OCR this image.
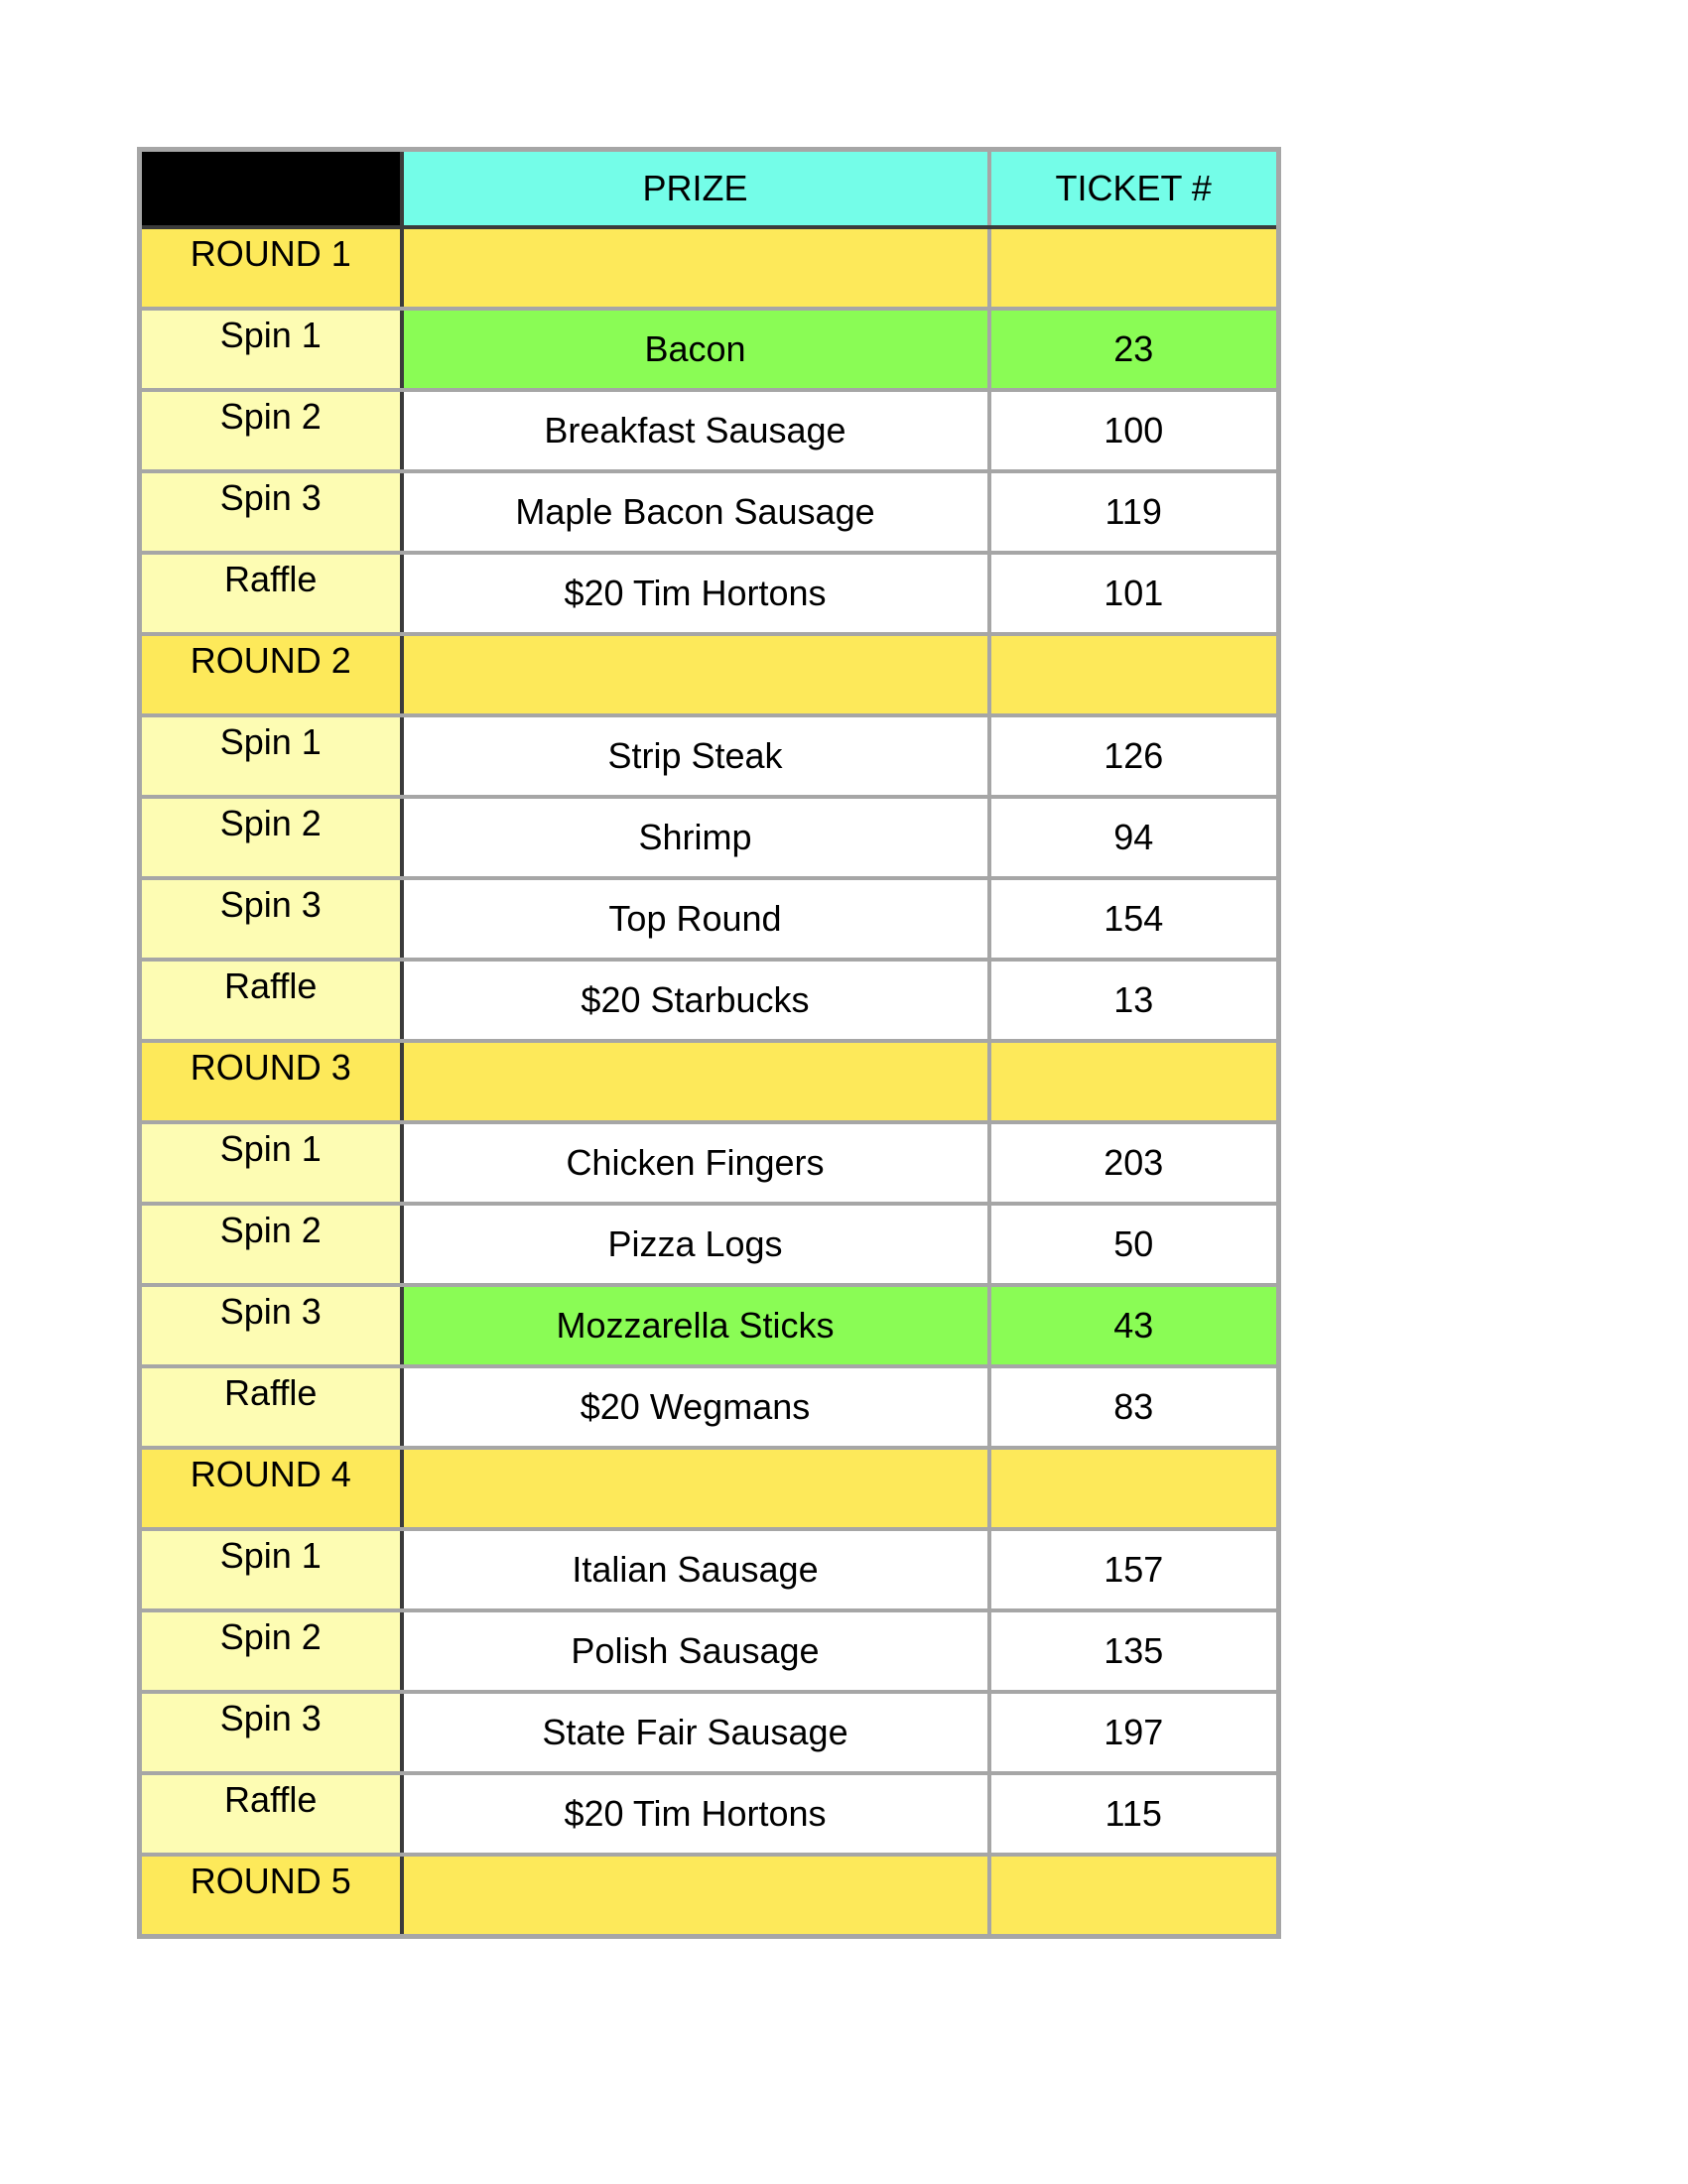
	PRIZE	TICKET #
ROUND 1		
Spin 1	Bacon	23
Spin 2	Breakfast Sausage	100
Spin 3	Maple Bacon Sausage	119
Raffle	$20 Tim Hortons	101
ROUND 2		
Spin 1	Strip Steak	126
Spin 2	Shrimp	94
Spin 3	Top Round	154
Raffle	$20 Starbucks	13
ROUND 3		
Spin 1	Chicken Fingers	203
Spin 2	Pizza Logs	50
Spin 3	Mozzarella Sticks	43
Raffle	$20 Wegmans	83
ROUND 4		
Spin 1	Italian Sausage	157
Spin 2	Polish Sausage	135
Spin 3	State Fair Sausage	197
Raffle	$20 Tim Hortons	115
ROUND 5		
